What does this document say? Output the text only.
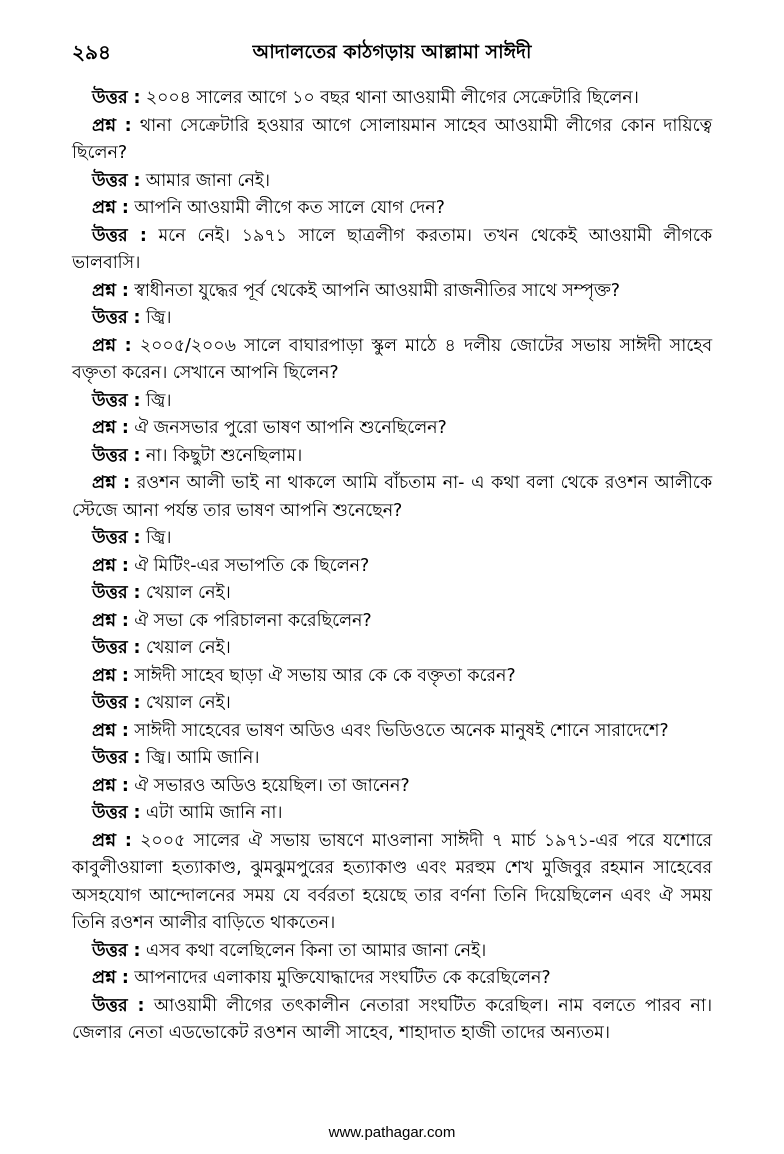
২৯৪	আদালতের কাঠগড়ায় আল্লামা সাঈদী

উত্তর : ২০০৪ সালের আগে ১০ বছর থানা আওয়ামী লীগের সেক্রেটারি ছিলেন।

প্রশ্ন : থানা সেক্রেটারি হওয়ার আগে সোলায়মান সাহেব আওয়ামী লীগের কোন দায়িত্বে ছিলেন?

উত্তর : আমার জানা নেই।

প্রশ্ন : আপনি আওয়ামী লীগে কত সালে যোগ দেন?

উত্তর : মনে নেই। ১৯৭১ সালে ছাত্রলীগ করতাম। তখন থেকেই আওয়ামী লীগকে ভালবাসি।

প্রশ্ন : স্বাধীনতা যুদ্ধের পূর্ব থেকেই আপনি আওয়ামী রাজনীতির সাথে সম্পৃক্ত?

উত্তর : জ্বি।

প্রশ্ন : ২০০৫/২০০৬ সালে বাঘারপাড়া স্কুল মাঠে ৪ দলীয় জোটের সভায় সাঈদী সাহেব বক্তৃতা করেন। সেখানে আপনি ছিলেন?

উত্তর : জ্বি।

প্রশ্ন : ঐ জনসভার পুরো ভাষণ আপনি শুনেছিলেন?

উত্তর : না। কিছুটা শুনেছিলাম।

প্রশ্ন : রওশন আলী ভাই না থাকলে আমি বাঁচতাম না- এ কথা বলা থেকে রওশন আলীকে স্টেজে আনা পর্যন্ত তার ভাষণ আপনি শুনেছেন?

উত্তর : জ্বি।

প্রশ্ন : ঐ মিটিং-এর সভাপতি কে ছিলেন?

উত্তর : খেয়াল নেই।

প্রশ্ন : ঐ সভা কে পরিচালনা করেছিলেন?

উত্তর : খেয়াল নেই।

প্রশ্ন : সাঈদী সাহেব ছাড়া ঐ সভায় আর কে কে বক্তৃতা করেন?

উত্তর : খেয়াল নেই।

প্রশ্ন : সাঈদী সাহেবের ভাষণ অডিও এবং ভিডিওতে অনেক মানুষই শোনে সারাদেশে?

উত্তর : জ্বি। আমি জানি।

প্রশ্ন : ঐ সভারও অডিও হয়েছিল। তা জানেন?

উত্তর : এটা আমি জানি না।

প্রশ্ন : ২০০৫ সালের ঐ সভায় ভাষণে মাওলানা সাঈদী ৭ মার্চ ১৯৭১-এর পরে যশোরে কাবুলীওয়ালা হত্যাকাণ্ড, ঝুমঝুমপুরের হত্যাকাণ্ড এবং মরহুম শেখ মুজিবুর রহমান সাহেবের অসহযোগ আন্দোলনের সময় যে বর্বরতা হয়েছে তার বর্ণনা তিনি দিয়েছিলেন এবং ঐ সময় তিনি রওশন আলীর বাড়িতে থাকতেন।

উত্তর : এসব কথা বলেছিলেন কিনা তা আমার জানা নেই।

প্রশ্ন : আপনাদের এলাকায় মুক্তিযোদ্ধাদের সংঘটিত কে করেছিলেন?

উত্তর : আওয়ামী লীগের তৎকালীন নেতারা সংঘটিত করেছিল। নাম বলতে পারব না। জেলার নেতা এডভোকেট রওশন আলী সাহেব, শাহাদাত হাজী তাদের অন্যতম।

www.pathagar.com
